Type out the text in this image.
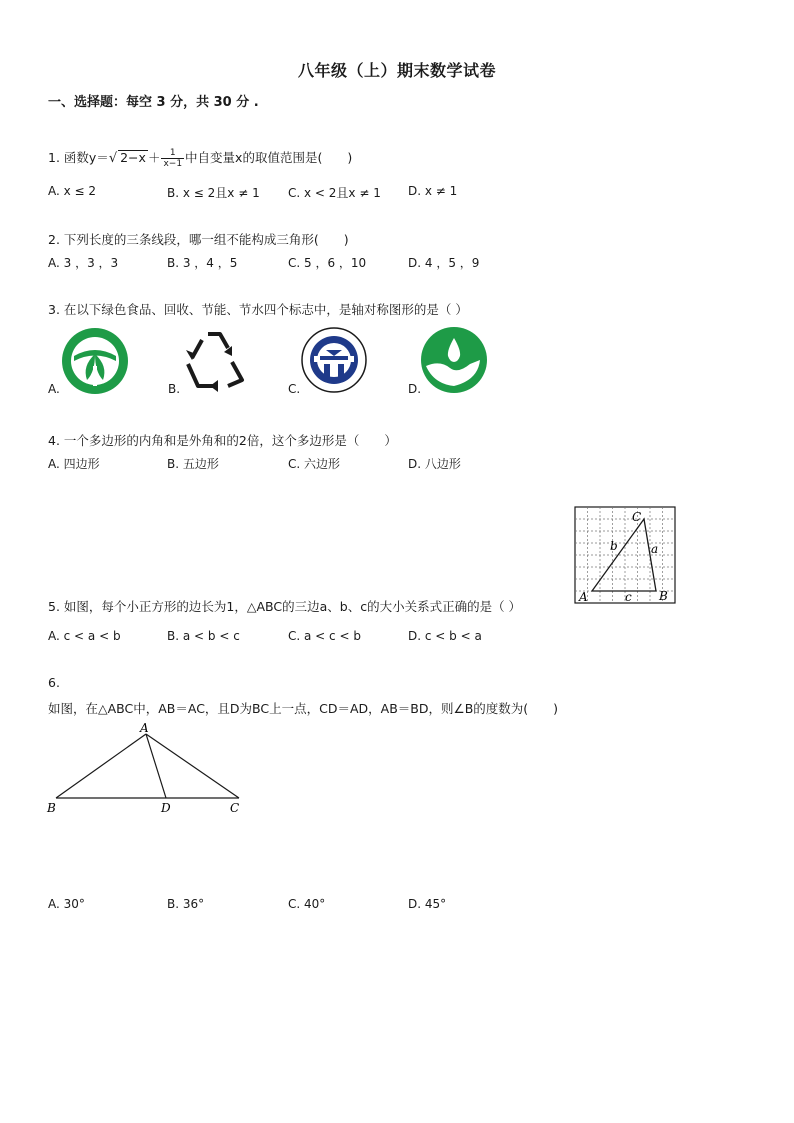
八年级（上）期末数学试卷
一、选择题：每空 3 分，共 30 分 .
1. 函数y＝√ $2-x + \frac{1}{x-1}$ 中自变量x的取值范围是(　　)
A. x ≤ 2	B. x ≤ 2且x ≠ 1 C. x < 2且x ≠ 1 D. x ≠ 1
2. 下列长度的三条线段，哪一组不能构成三角形(　　)
A. 3 ，3 ，3	B. 3 ，4 ，5	C. 5 ，6 ，10	D. 4 ，5 ，9
3. 在以下绿色食品、回收、节能、节水四个标志中，是轴对称图形的是（ ）
A.	B.	C.	D.
4. 一个多边形的内角和是外角和的2倍，这个多边形是（　　）
A. 四边形	B. 五边形	C. 六边形	D. 八边形
A	B
C
a
b
c
5. 如图，每个小正方形的边长为1，△ABC的三边a、b、c的大小关系式正确的是（ ）
A. c < a < b	B. a < b < c	C. a < c < b	D. c < b < a
6.
如图，在△ABC中，AB＝AC，且D为BC上一点，CD＝AD，AB＝BD，则∠B的度数为(　　)
A
B	C
D
A. 30°	B. 36°	C. 40°	D. 45°
